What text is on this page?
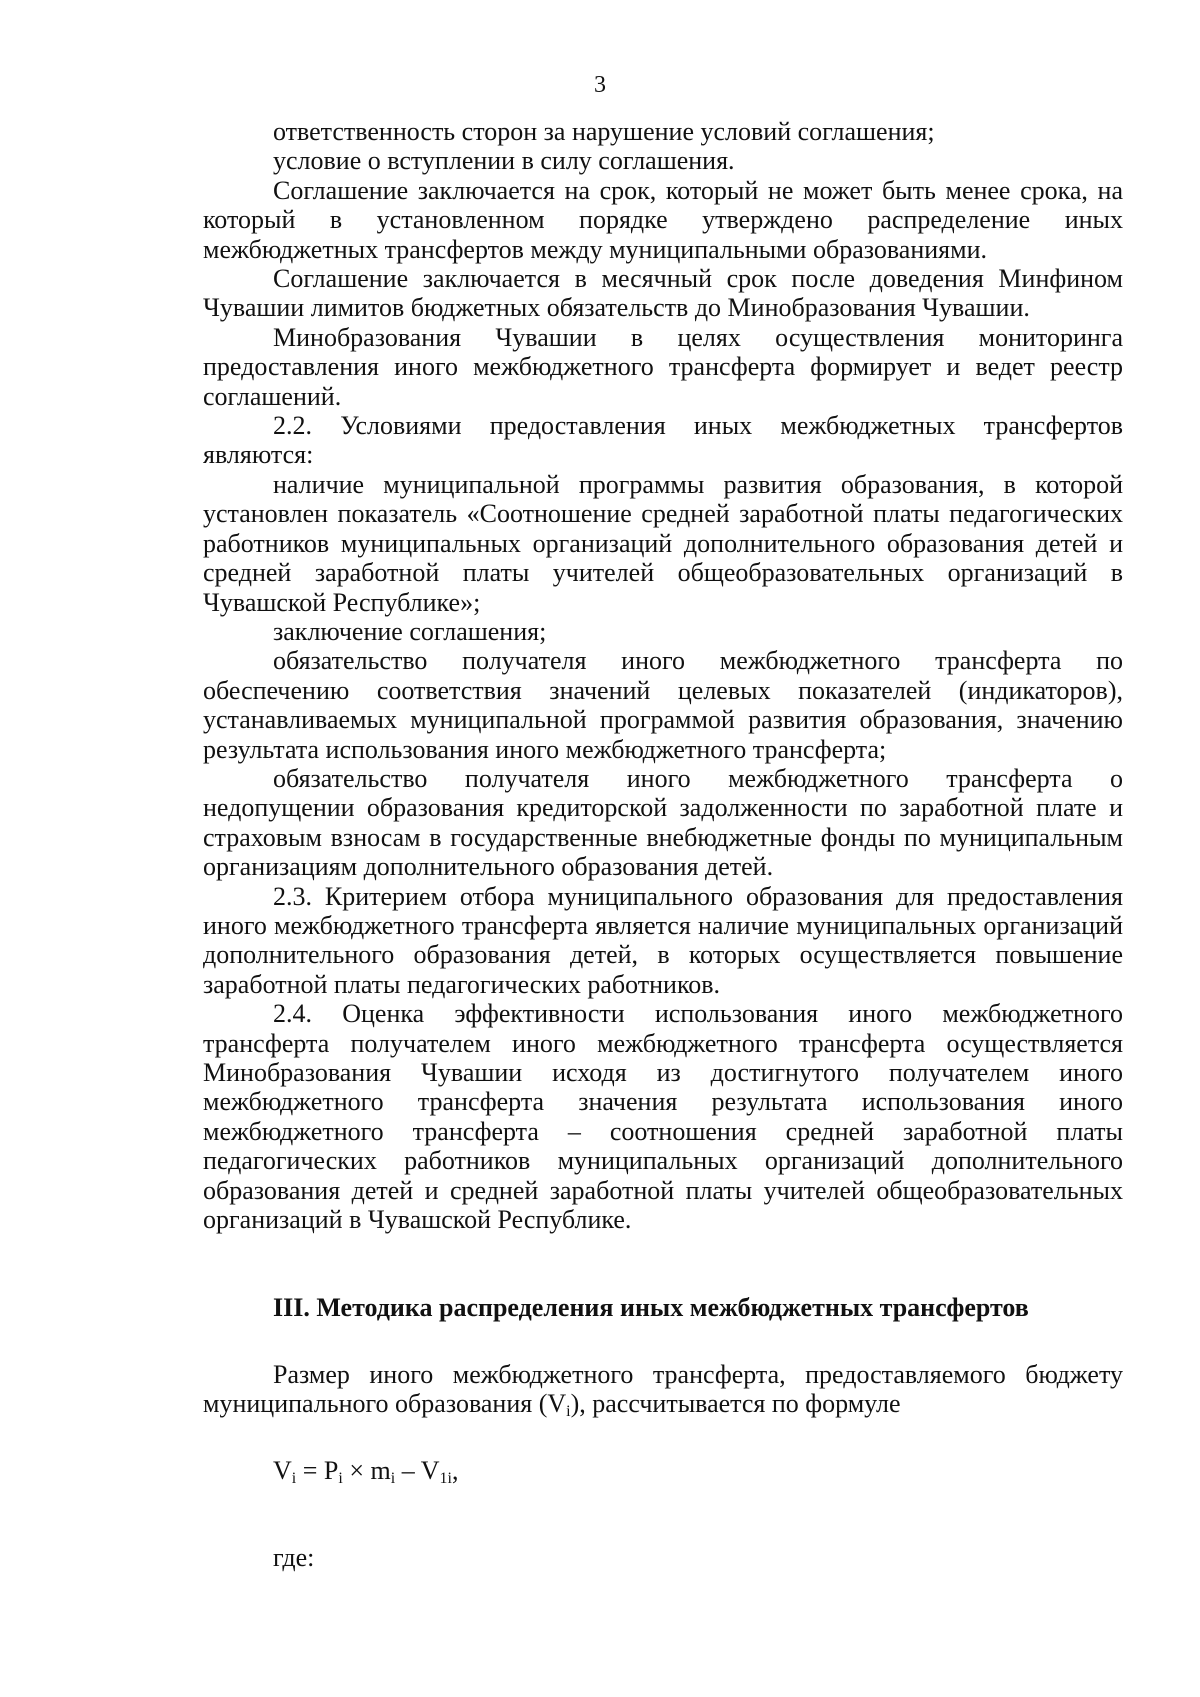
3

ответственность сторон за нарушение условий соглашения;

условие о вступлении в силу соглашения.

Соглашение заключается на срок, который не может быть менее срока, на который в установленном порядке утверждено распределение иных межбюджетных трансфертов между муниципальными образованиями.

Соглашение заключается в месячный срок после доведения Минфином Чувашии лимитов бюджетных обязательств до Минобразования Чувашии.

Минобразования Чувашии в целях осуществления мониторинга предоставления иного межбюджетного трансферта формирует и ведет реестр соглашений.

2.2. Условиями предоставления иных межбюджетных трансфертов являются:

наличие муниципальной программы развития образования, в которой установлен показатель «Соотношение средней заработной платы педагогических работников муниципальных организаций дополнительного образования детей и средней заработной платы учителей общеобразовательных организаций в Чувашской Республике»;

заключение соглашения;

обязательство получателя иного межбюджетного трансферта по обеспечению соответствия значений целевых показателей (индикаторов), устанавливаемых муниципальной программой развития образования, значению результата использования иного межбюджетного трансферта;

обязательство получателя иного межбюджетного трансферта о недопущении образования кредиторской задолженности по заработной плате и страховым взносам в государственные внебюджетные фонды по муниципальным организациям дополнительного образования детей.

2.3. Критерием отбора муниципального образования для предоставления иного межбюджетного трансферта является наличие муниципальных организаций дополнительного образования детей, в которых осуществляется повышение заработной платы педагогических работников.

2.4. Оценка эффективности использования иного межбюджетного трансферта получателем иного межбюджетного трансферта осуществляется Минобразования Чувашии исходя из достигнутого получателем иного межбюджетного трансферта значения результата использования иного межбюджетного трансферта – соотношения средней заработной платы педагогических работников муниципальных организаций дополнительного образования детей и средней заработной платы учителей общеобразовательных организаций в Чувашской Республике.

III. Методика распределения иных межбюджетных трансфертов

Размер иного межбюджетного трансферта, предоставляемого бюджету муниципального образования $(V_i)$, рассчитывается по формуле

$V_i = P_i \times m_i - V_{1i}$,
где:
